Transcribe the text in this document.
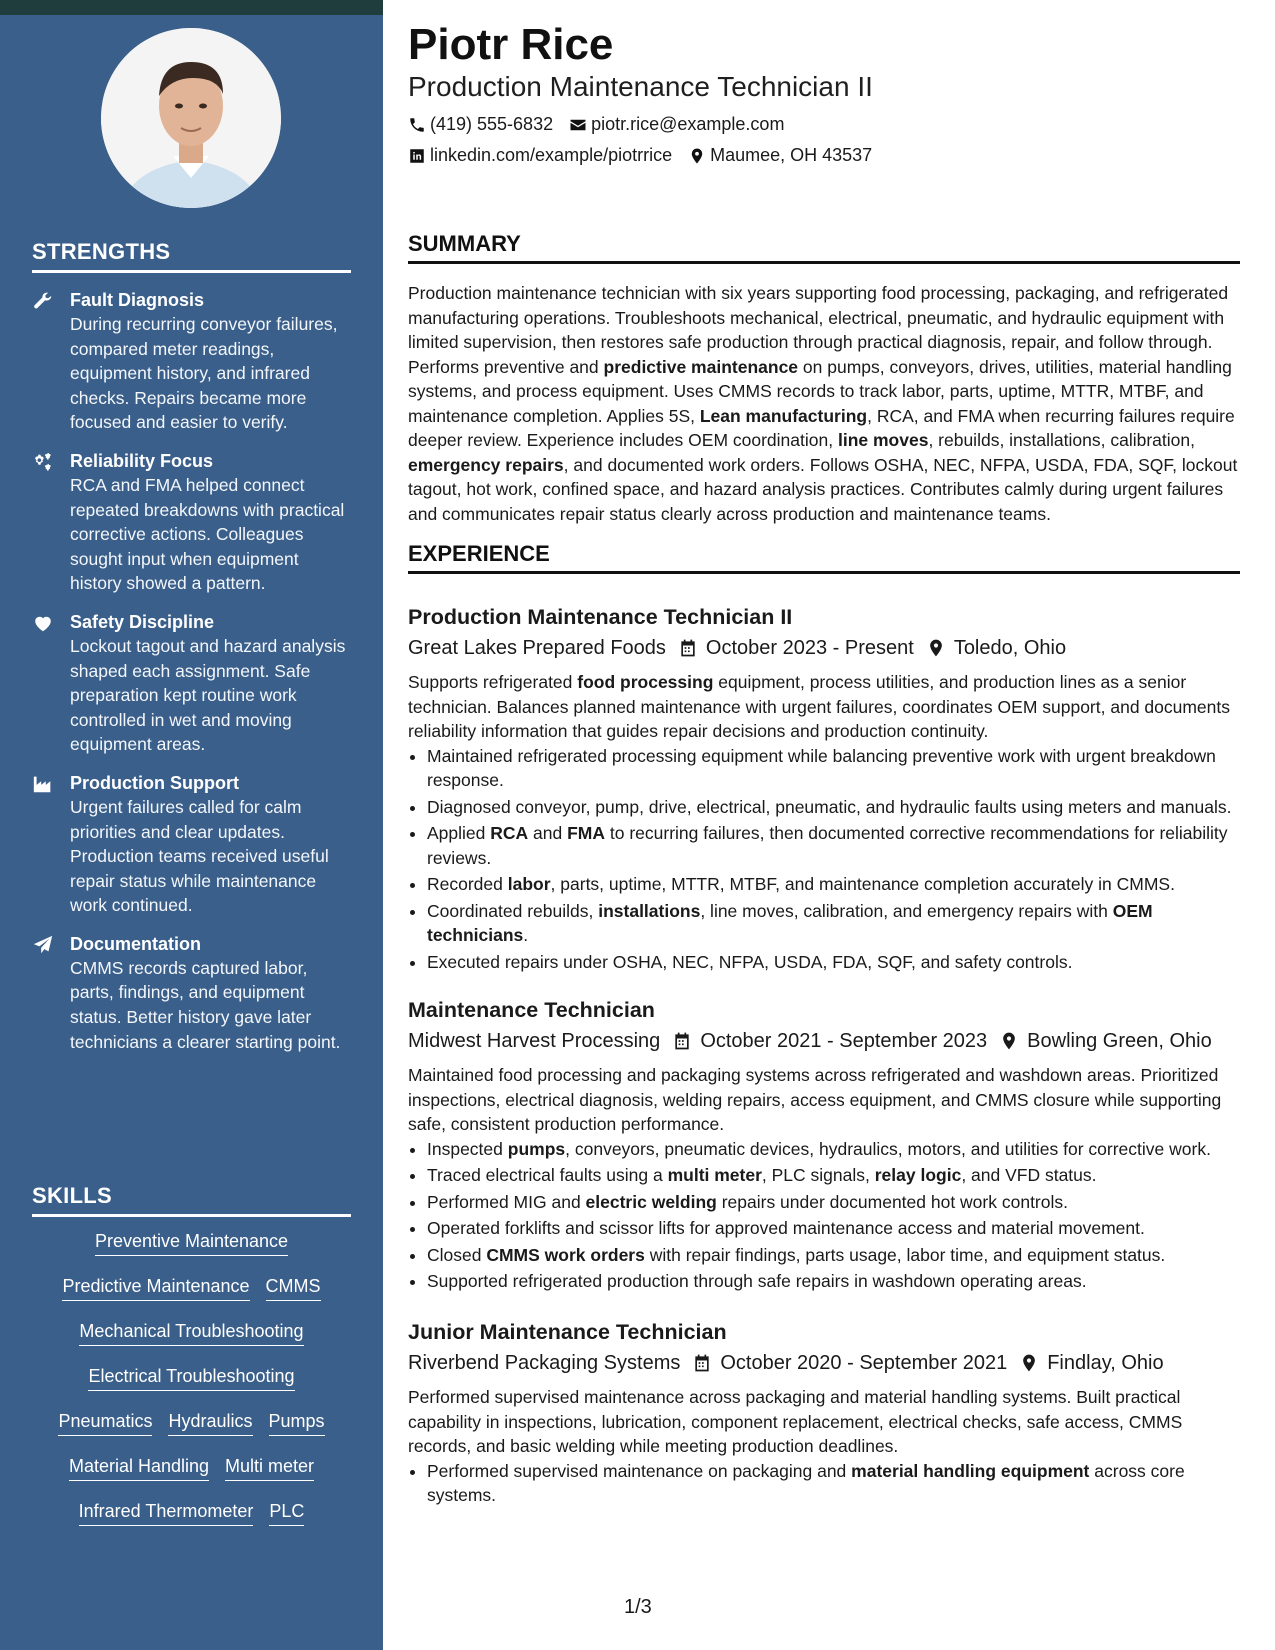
STRENGTHS
Fault Diagnosis
During recurring conveyor failures, compared meter readings, equipment history, and infrared checks. Repairs became more focused and easier to verify.
Reliability Focus
RCA and FMA helped connect repeated breakdowns with practical corrective actions. Colleagues sought input when equipment history showed a pattern.
Safety Discipline
Lockout tagout and hazard analysis shaped each assignment. Safe preparation kept routine work controlled in wet and moving equipment areas.
Production Support
Urgent failures called for calm priorities and clear updates. Production teams received useful repair status while maintenance work continued.
Documentation
CMMS records captured labor, parts, findings, and equipment status. Better history gave later technicians a clearer starting point.
SKILLS
Preventive Maintenance
Predictive Maintenance CMMS
Mechanical Troubleshooting
Electrical Troubleshooting
Pneumatics Hydraulics Pumps
Material Handling Multi meter
Infrared Thermometer PLC
Piotr Rice
Production Maintenance Technician II
(419) 555-6832 piotr.rice@example.com
linkedin.com/example/piotrrice Maumee, OH 43537
SUMMARY
Production maintenance technician with six years supporting food processing, packaging, and refrigerated manufacturing operations. Troubleshoots mechanical, electrical, pneumatic, and hydraulic equipment with limited supervision, then restores safe production through practical diagnosis, repair, and follow through. Performs preventive and predictive maintenance on pumps, conveyors, drives, utilities, material handling systems, and process equipment. Uses CMMS records to track labor, parts, uptime, MTTR, MTBF, and maintenance completion. Applies 5S, Lean manufacturing, RCA, and FMA when recurring failures require deeper review. Experience includes OEM coordination, line moves, rebuilds, installations, calibration, emergency repairs, and documented work orders. Follows OSHA, NEC, NFPA, USDA, FDA, SQF, lockout tagout, hot work, confined space, and hazard analysis practices. Contributes calmly during urgent failures and communicates repair status clearly across production and maintenance teams.
EXPERIENCE
Production Maintenance Technician II
Great Lakes Prepared Foods October 2023 - Present Toledo, Ohio
Supports refrigerated food processing equipment, process utilities, and production lines as a senior technician. Balances planned maintenance with urgent failures, coordinates OEM support, and documents reliability information that guides repair decisions and production continuity.
• Maintained refrigerated processing equipment while balancing preventive work with urgent breakdown response.
• Diagnosed conveyor, pump, drive, electrical, pneumatic, and hydraulic faults using meters and manuals.
• Applied RCA and FMA to recurring failures, then documented corrective recommendations for reliability reviews.
• Recorded labor, parts, uptime, MTTR, MTBF, and maintenance completion accurately in CMMS.
• Coordinated rebuilds, installations, line moves, calibration, and emergency repairs with OEM technicians.
• Executed repairs under OSHA, NEC, NFPA, USDA, FDA, SQF, and safety controls.
Maintenance Technician
Midwest Harvest Processing October 2021 - September 2023 Bowling Green, Ohio
Maintained food processing and packaging systems across refrigerated and washdown areas. Prioritized inspections, electrical diagnosis, welding repairs, access equipment, and CMMS closure while supporting safe, consistent production performance.
• Inspected pumps, conveyors, pneumatic devices, hydraulics, motors, and utilities for corrective work.
• Traced electrical faults using a multi meter, PLC signals, relay logic, and VFD status.
• Performed MIG and electric welding repairs under documented hot work controls.
• Operated forklifts and scissor lifts for approved maintenance access and material movement.
• Closed CMMS work orders with repair findings, parts usage, labor time, and equipment status.
• Supported refrigerated production through safe repairs in washdown operating areas.
Junior Maintenance Technician
Riverbend Packaging Systems October 2020 - September 2021 Findlay, Ohio
Performed supervised maintenance across packaging and material handling systems. Built practical capability in inspections, lubrication, component replacement, electrical checks, safe access, CMMS records, and basic welding while meeting production deadlines.
• Performed supervised maintenance on packaging and material handling equipment across core systems.
1/3
